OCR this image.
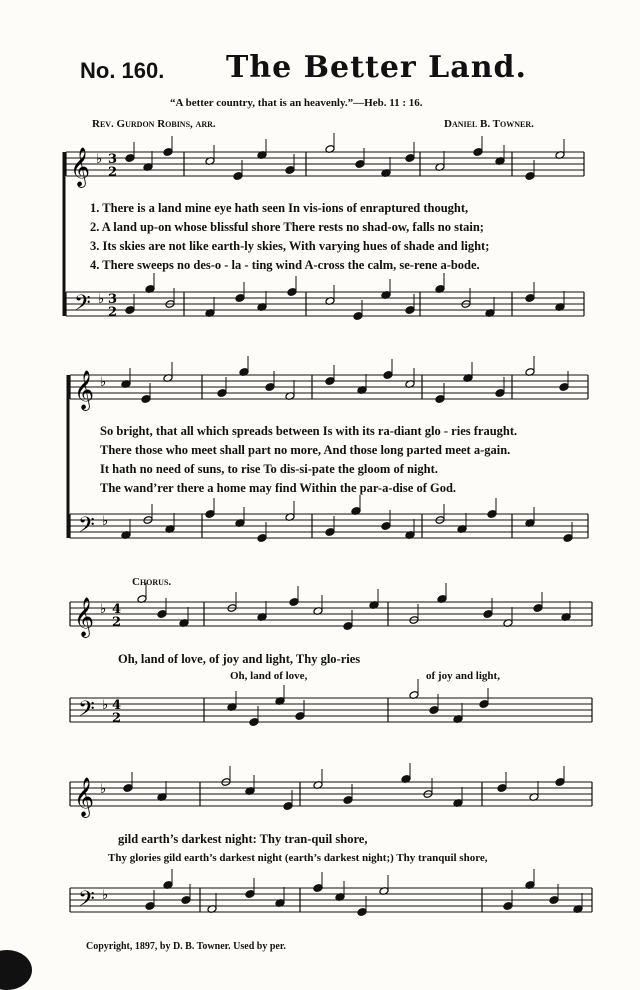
No. 160. The Better Land.
“A better country, that is an heavenly.”—Heb. 11 : 16.
Rev. Gurdon Robins, arr.	Daniel B. Towner.
𝄞 ♭ 3
2
𝄢 ♭ 3
2
𝄞 ♭
𝄢 ♭
𝄞 ♭ 4
2
𝄢 ♭ 4
2
𝄞 ♭
𝄢 ♭
1. There is a land mine eye hath seen In vis-ions of enraptured thought,
2. A land up-on whose blissful shore There rests no shad-ow, falls no stain;
3. Its skies are not like earth-ly skies, With varying hues of shade and light;
4. There sweeps no des-o - la - ting wind A-cross the calm, se-rene a-bode.
So bright, that all which spreads between Is with its ra-diant glo - ries fraught.
There those who meet shall part no more, And those long parted meet a-gain.
It hath no need of suns, to rise To dis-si-pate the gloom of night.
The wand’rer there a home may find Within the par-a-dise of God.
Chorus.
Oh, land of love, of joy and light, Thy glo-ries
Oh, land of love,	of joy and light,
gild earth’s darkest night: Thy tran-quil shore,
Thy glories gild earth’s darkest night (earth’s darkest night;) Thy tranquil shore,
Copyright, 1897, by D. B. Towner. Used by per.
